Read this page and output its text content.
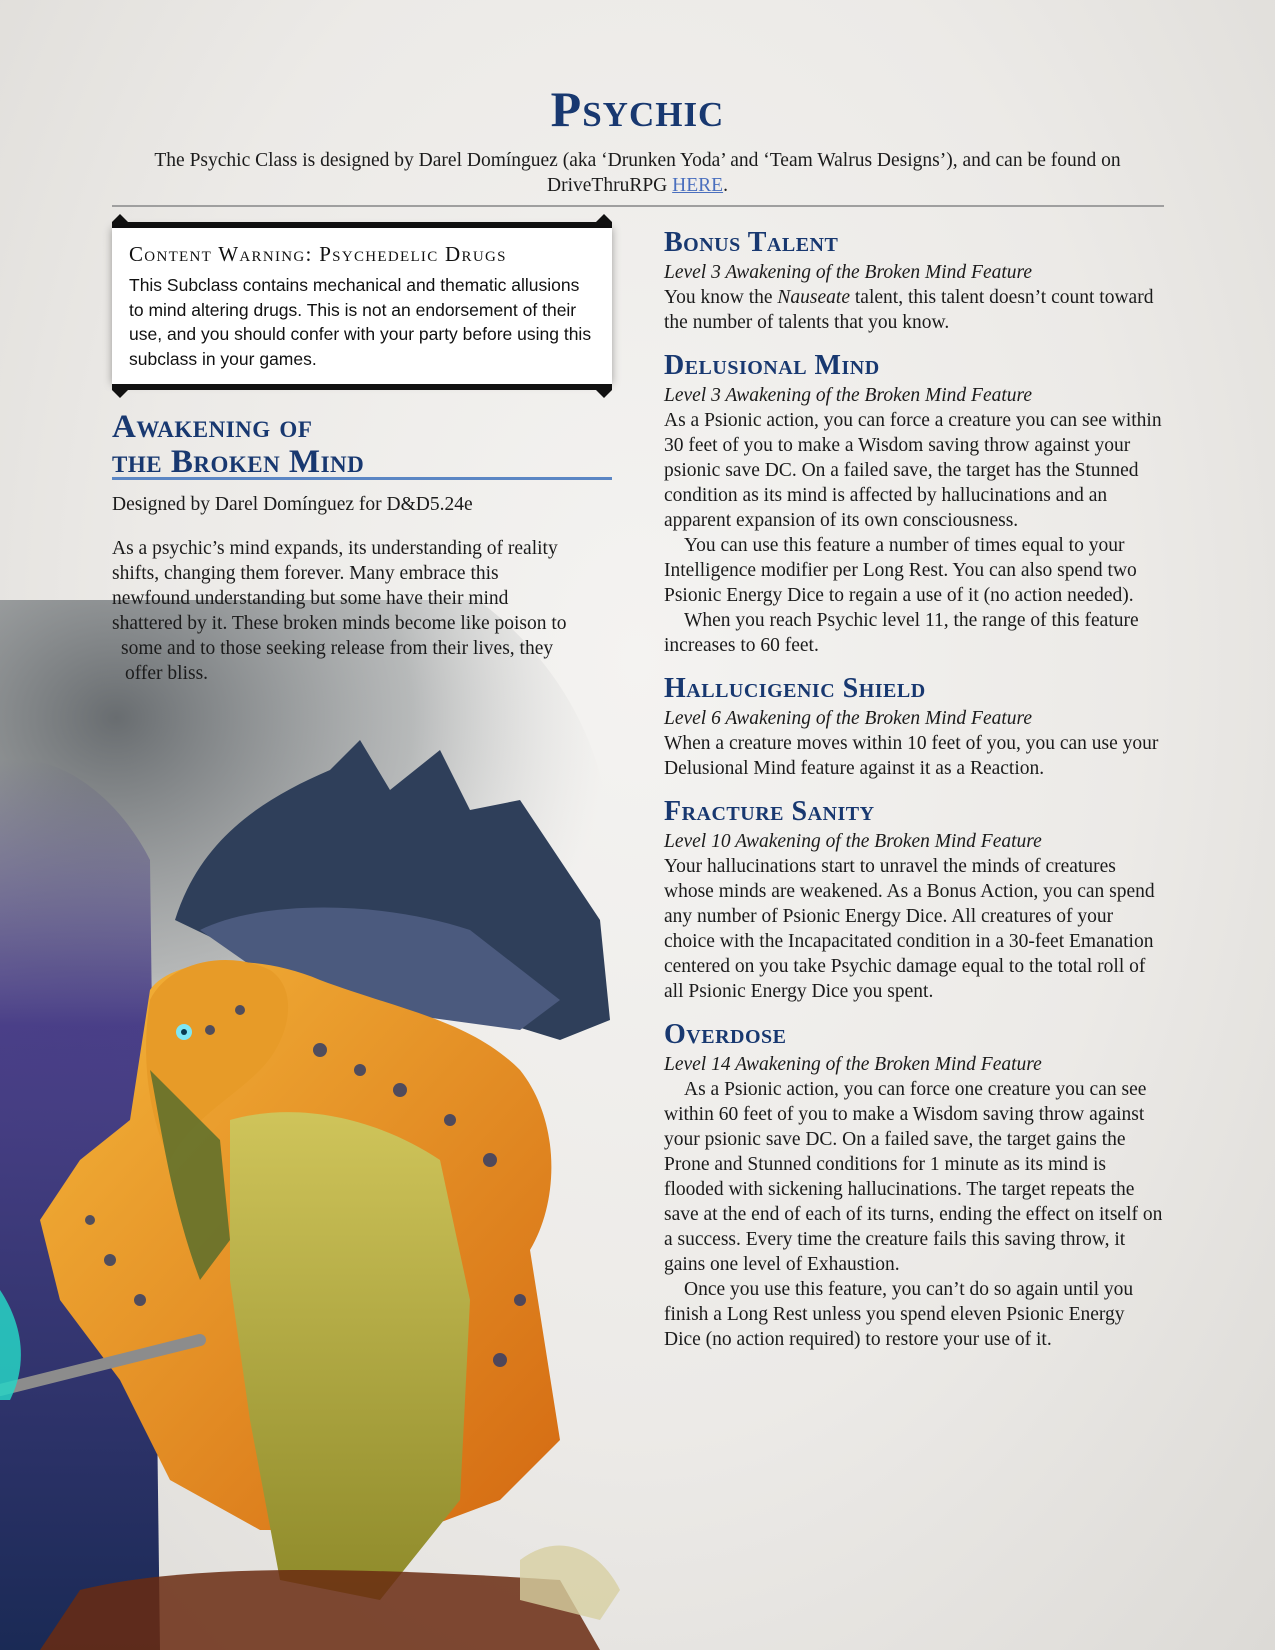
Psychic

The Psychic Class is designed by Darel Domínguez (aka ‘Drunken Yoda’ and ‘Team Walrus Designs’), and can be found on DriveThruRPG HERE.

Content Warning: Psychedelic Drugs

This Subclass contains mechanical and thematic allusions to mind altering drugs. This is not an endorsement of their use, and you should confer with your party before using this subclass in your games.

Awakening of
the Broken Mind

Designed by Darel Domínguez for D&D5.24e

As a psychic’s mind expands, its understanding of reality
shifts, changing them forever. Many embrace this
newfound understanding but some have their mind
shattered by it. These broken minds become like poison to
some and to those seeking release from their lives, they
offer bliss.

Bonus Talent

Level 3 Awakening of the Broken Mind Feature

You know the Nauseate talent, this talent doesn’t count toward the number of talents that you know.

Delusional Mind

Level 3 Awakening of the Broken Mind Feature

As a Psionic action, you can force a creature you can see within 30 feet of you to make a Wisdom saving throw against your psionic save DC. On a failed save, the target has the Stunned condition as its mind is affected by hallucinations and an apparent expansion of its own consciousness.

You can use this feature a number of times equal to your Intelligence modifier per Long Rest. You can also spend two Psionic Energy Dice to regain a use of it (no action needed).

When you reach Psychic level 11, the range of this feature increases to 60 feet.

Hallucigenic Shield

Level 6 Awakening of the Broken Mind Feature

When a creature moves within 10 feet of you, you can use your Delusional Mind feature against it as a Reaction.

Fracture Sanity

Level 10 Awakening of the Broken Mind Feature

Your hallucinations start to unravel the minds of creatures whose minds are weakened. As a Bonus Action, you can spend any number of Psionic Energy Dice. All creatures of your choice with the Incapacitated condition in a 30-feet Emanation centered on you take Psychic damage equal to the total roll of all Psionic Energy Dice you spent.

Overdose

Level 14 Awakening of the Broken Mind Feature

As a Psionic action, you can force one creature you can see within 60 feet of you to make a Wisdom saving throw against your psionic save DC. On a failed save, the target gains the Prone and Stunned conditions for 1 minute as its mind is flooded with sickening hallucinations. The target repeats the save at the end of each of its turns, ending the effect on itself on a success. Every time the creature fails this saving throw, it gains one level of Exhaustion.

Once you use this feature, you can’t do so again until you finish a Long Rest unless you spend eleven Psionic Energy Dice (no action required) to restore your use of it.
